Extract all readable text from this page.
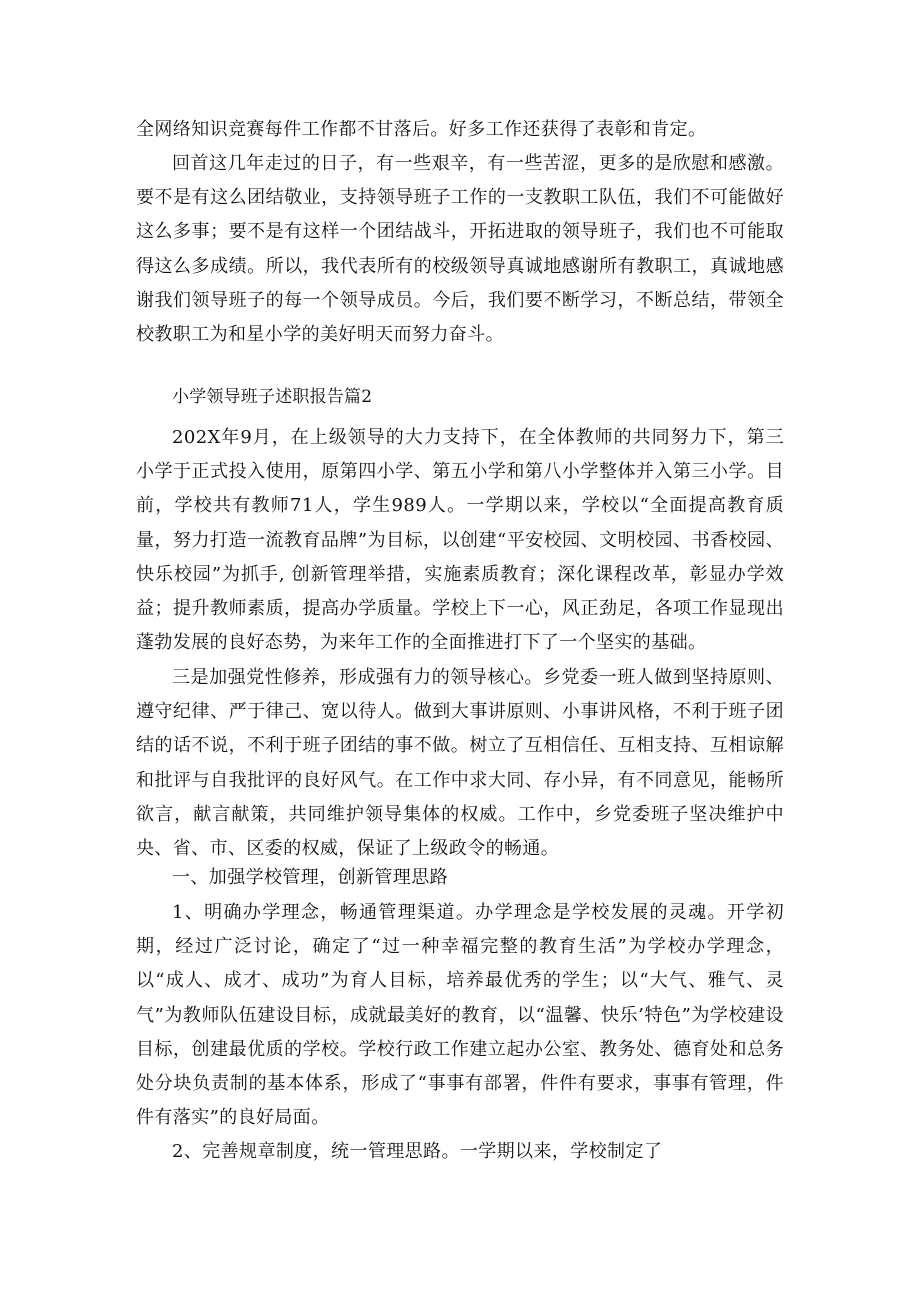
全网络知识竞赛每件工作都不甘落后。好多工作还获得了表彰和肯定。

回首这几年走过的日子，有一些艰辛，有一些苦涩，更多的是欣慰和感激。要不是有这么团结敬业，支持领导班子工作的一支教职工队伍，我们不可能做好这么多事；要不是有这样一个团结战斗，开拓进取的领导班子，我们也不可能取得这么多成绩。所以，我代表所有的校级领导真诚地感谢所有教职工，真诚地感谢我们领导班子的每一个领导成员。今后，我们要不断学习，不断总结，带领全校教职工为和星小学的美好明天而努力奋斗。

小学领导班子述职报告篇2

202X年9月，在上级领导的大力支持下，在全体教师的共同努力下，第三小学于正式投入使用，原第四小学、第五小学和第八小学整体并入第三小学。目前，学校共有教师71人，学生989人。一学期以来，学校以“全面提高教育质量，努力打造一流教育品牌”为目标，以创建“平安校园、文明校园、书香校园、快乐校园”为抓手, 创新管理举措，实施素质教育；深化课程改革，彰显办学效益；提升教师素质，提高办学质量。学校上下一心，风正劲足，各项工作显现出蓬勃发展的良好态势，为来年工作的全面推进打下了一个坚实的基础。

三是加强党性修养，形成强有力的领导核心。乡党委一班人做到坚持原则、遵守纪律、严于律己、宽以待人。做到大事讲原则、小事讲风格，不利于班子团结的话不说，不利于班子团结的事不做。树立了互相信任、互相支持、互相谅解和批评与自我批评的良好风气。在工作中求大同、存小异，有不同意见，能畅所欲言，献言献策，共同维护领导集体的权威。工作中，乡党委班子坚决维护中央、省、市、区委的权威，保证了上级政令的畅通。

一、加强学校管理，创新管理思路

1、明确办学理念，畅通管理渠道。办学理念是学校发展的灵魂。开学初期，经过广泛讨论，确定了“过一种幸福完整的教育生活”为学校办学理念，以“成人、成才、成功”为育人目标，培养最优秀的学生；以“大气、雅气、灵气”为教师队伍建设目标，成就最美好的教育，以“温馨、快乐’特色”为学校建设目标，创建最优质的学校。学校行政工作建立起办公室、教务处、德育处和总务处分块负责制的基本体系，形成了“事事有部署，件件有要求，事事有管理，件件有落实”的良好局面。

2、完善规章制度，统一管理思路。一学期以来，学校制定了
